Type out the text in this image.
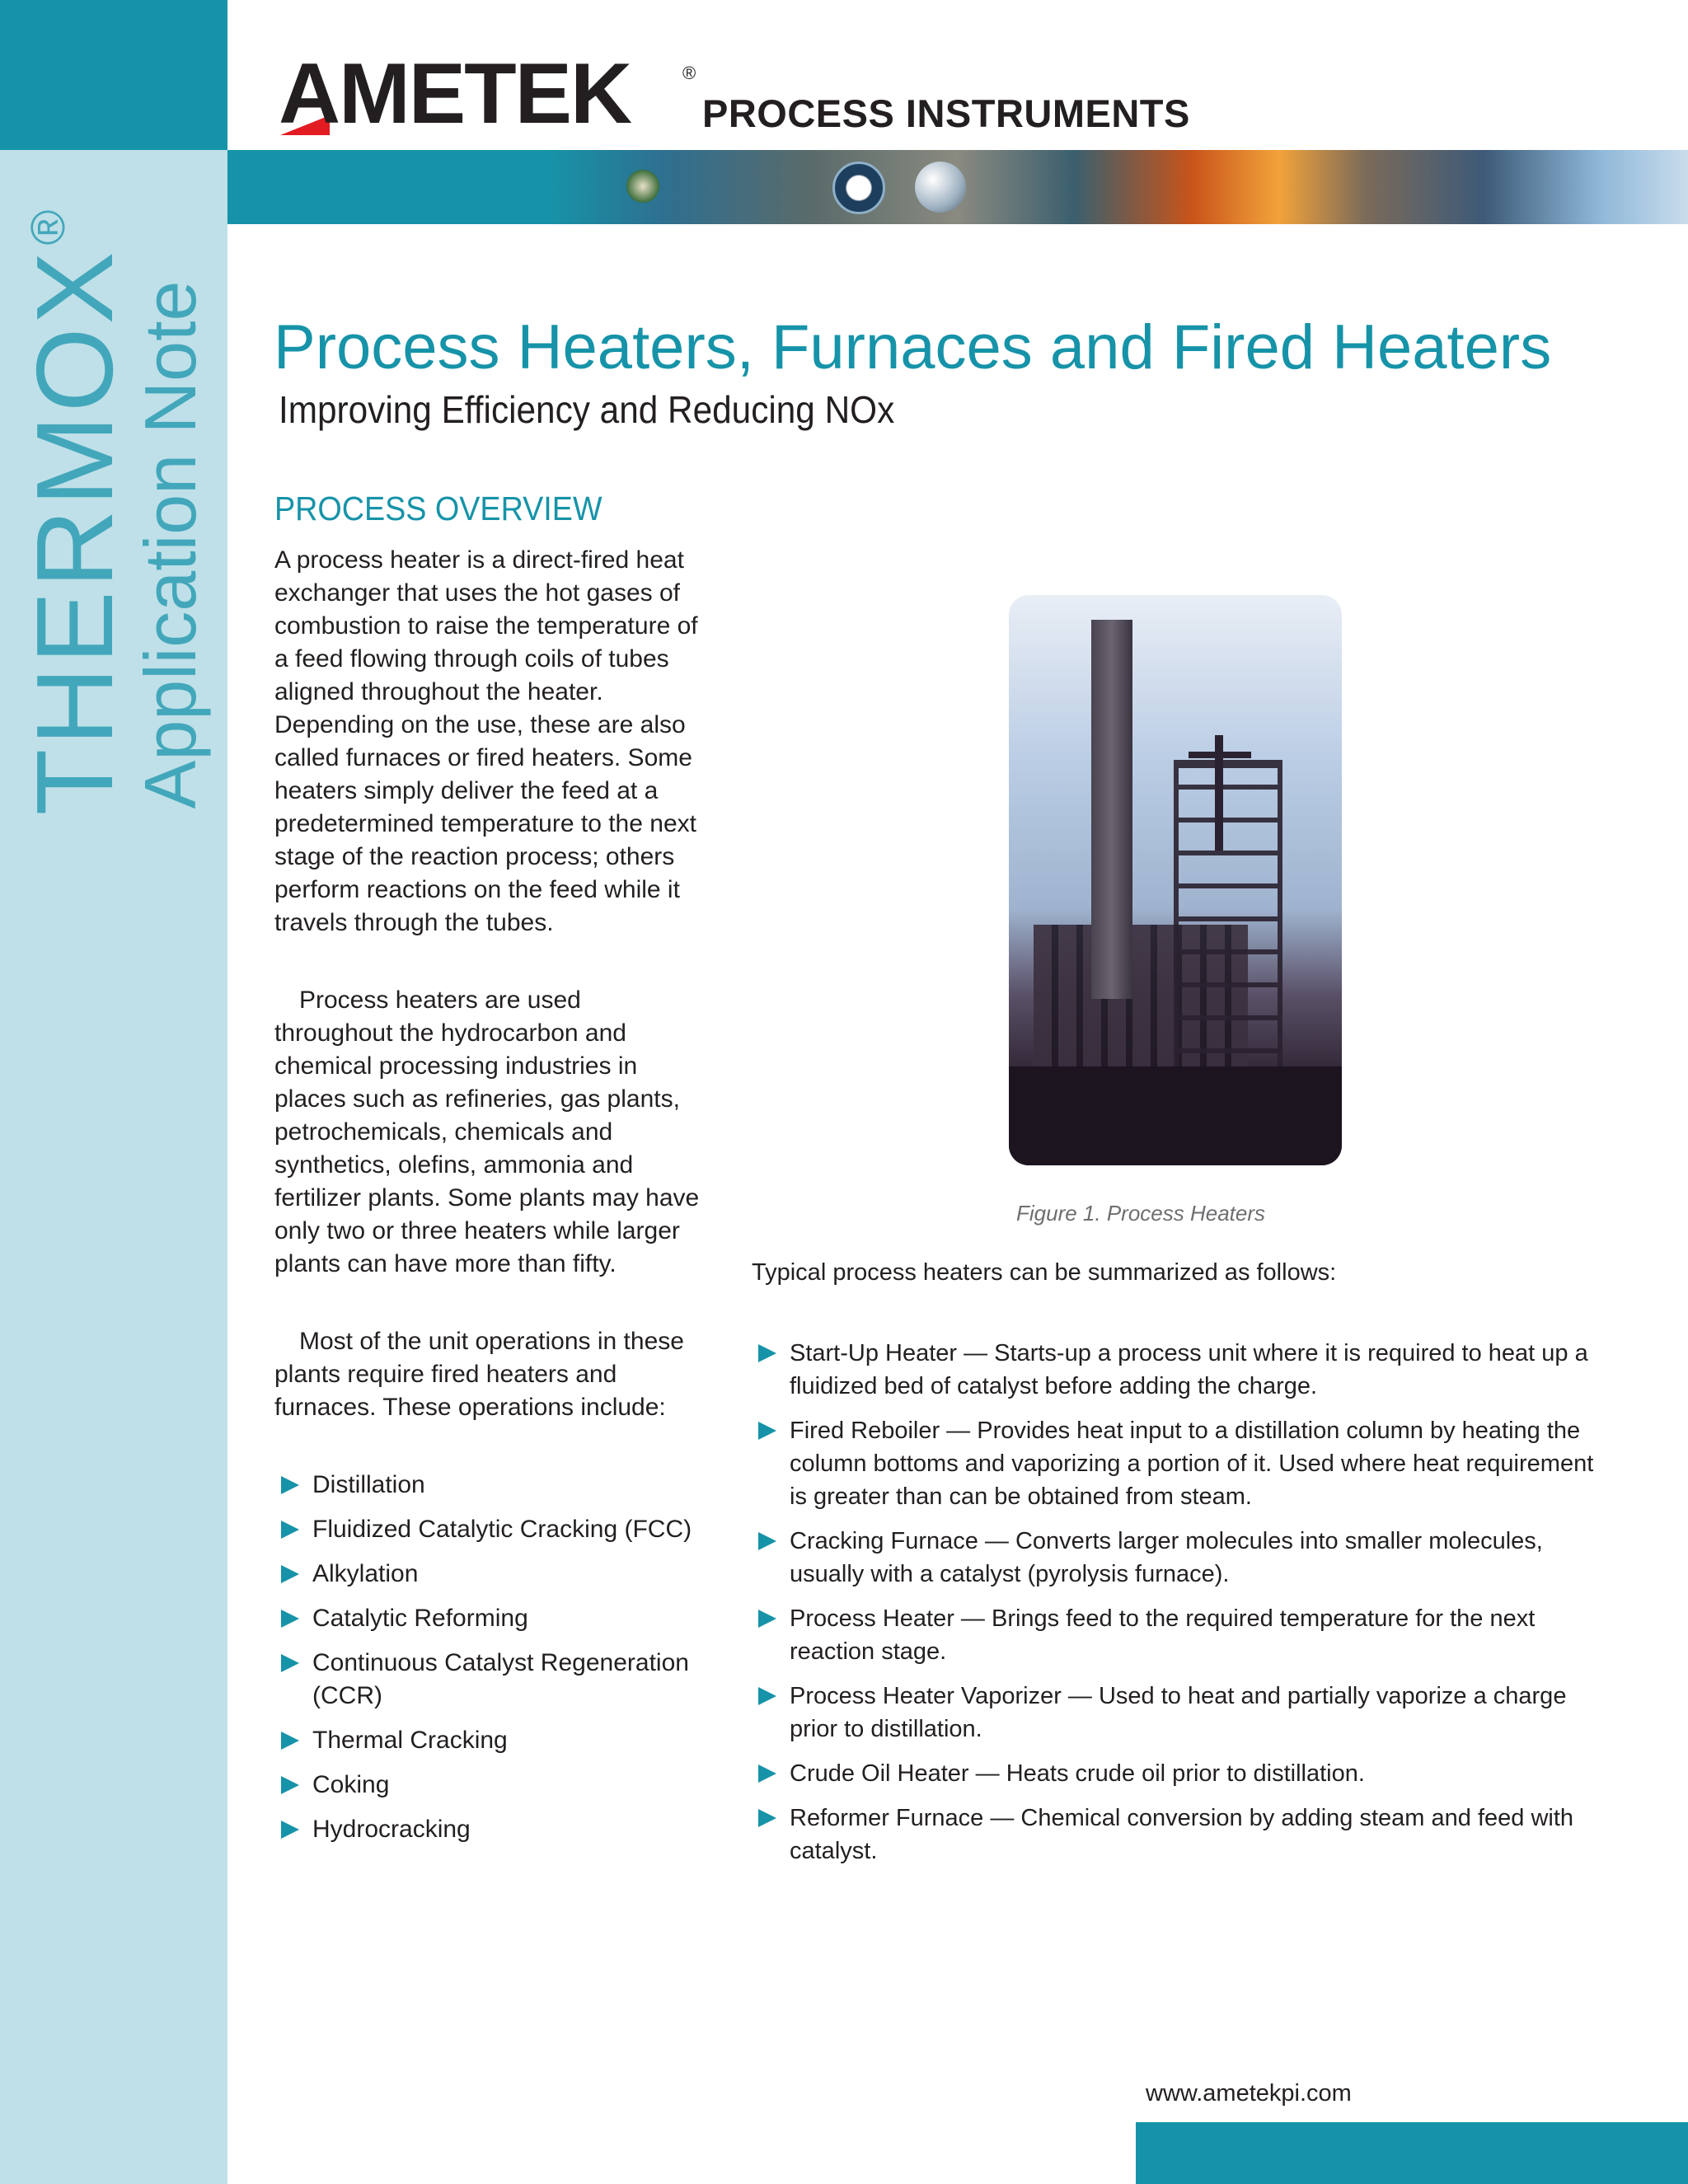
THERMOX®
Application Note
AMETEK	®
PROCESS INSTRUMENTS
Process Heaters, Furnaces and Fired Heaters
Improving Efficiency and Reducing NOx
PROCESS OVERVIEW

A process heater is a direct-fired heat exchanger that uses the hot gases of combustion to raise the temperature of a feed flowing through coils of tubes aligned throughout the heater. Depending on the use, these are also called furnaces or fired heaters. Some heaters simply deliver the feed at a predetermined temperature to the next stage of the reaction process; others perform reactions on the feed while it travels through the tubes.

Process heaters are used throughout the hydrocarbon and chemical processing industries in places such as refineries, gas plants, petrochemicals, chemicals and synthetics, olefins, ammonia and fertilizer plants. Some plants may have only two or three heaters while larger plants can have more than fifty.

Most of the unit operations in these plants require fired heaters and furnaces. These operations include:

Distillation
Fluidized Catalytic Cracking (FCC)
Alkylation
Catalytic Reforming
Continuous Catalyst Regeneration (CCR)
Thermal Cracking
Coking
Hydrocracking
Figure 1. Process Heaters
Typical process heaters can be summarized as follows:
Start-Up Heater — Starts-up a process unit where it is required to heat up a fluidized bed of catalyst before adding the charge.
Fired Reboiler — Provides heat input to a distillation column by heating the column bottoms and vaporizing a portion of it. Used where heat requirement is greater than can be obtained from steam.
Cracking Furnace — Converts larger molecules into smaller molecules, usually with a catalyst (pyrolysis furnace).
Process Heater — Brings feed to the required temperature for the next reaction stage.
Process Heater Vaporizer — Used to heat and partially vaporize a charge prior to distillation.
Crude Oil Heater — Heats crude oil prior to distillation.
Reformer Furnace — Chemical conversion by adding steam and feed with catalyst.
www.ametekpi.com
